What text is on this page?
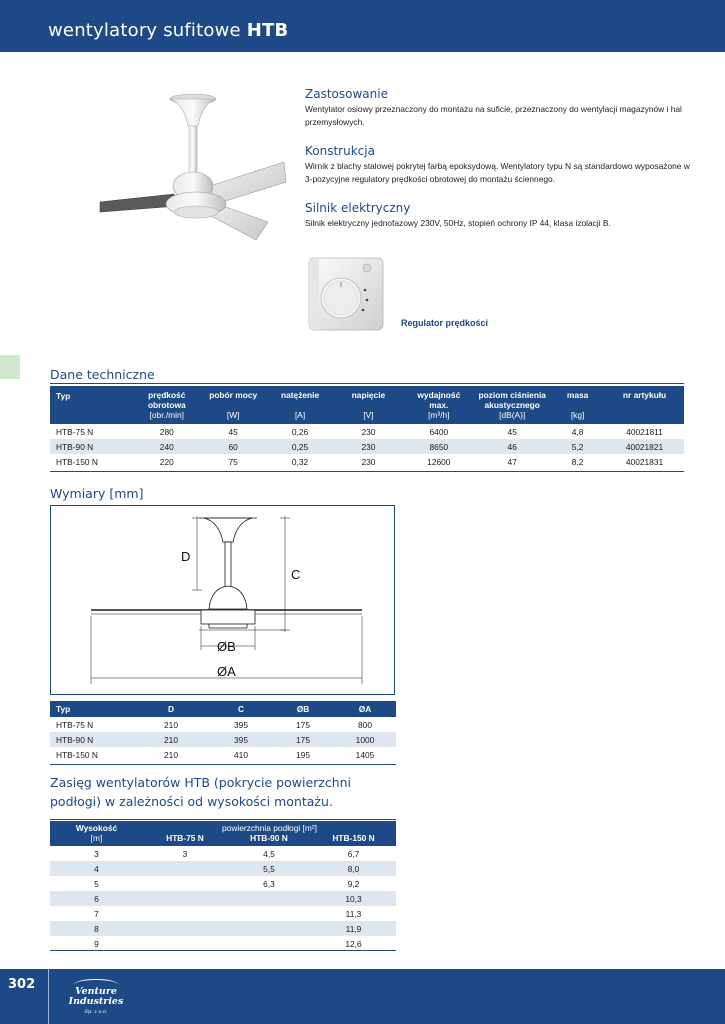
wentylatory sufitowe HTB
Zastosowanie
Wentylator osiowy przeznaczony do montażu na suficie, przeznaczony do wentylacji magazynów i hal przemysłowych.
Konstrukcja
Wirnik z blachy stalowej pokrytej farbą epoksydową. Wentylatory typu N są standardowo wyposażone w 3-pozycyjne regulatory prędkości obrotowej do montażu ściennego.
Silnik elektryczny
Silnik elektryczny jednofazowy 230V, 50Hz, stopień ochrony IP 44, klasa izolacji B.
Regulator prędkości
Dane techniczne
Typ	prędkość obrotowa	pobór mocy	natężenie	napięcie	wydajność max.	poziom ciśnienia akustycznego	masa	nr artykułu
	[obr./min]	[W]	[A]	[V]	[m³/h]	[dB(A)]	[kg]	
HTB-75 N	280	45	0,26	230	6400	45	4,8	40021811
HTB-90 N	240	60	0,25	230	8650	46	5,2	40021821
HTB-150 N	220	75	0,32	230	12600	47	8,2	40021831
Wymiary [mm]
D
C
ØB
ØA
Typ	D	C	ØB	ØA
HTB-75 N	210	395	175	800
HTB-90 N	210	395	175	1000
HTB-150 N	210	410	195	1405
Zasięg wentylatorów HTB (pokrycie powierzchni
podłogi) w zależności od wysokości montażu.
Wysokość	powierzchnia podłogi [m²]		
[m]	HTB-75 N	HTB-90 N	HTB-150 N
3	3	4,5	6,7
4		5,5	8,0
5		6,3	9,2
6			10,3
7			11,3
8			11,9
9			12,6
302	Venture
Industries
Sp. z o.o.
